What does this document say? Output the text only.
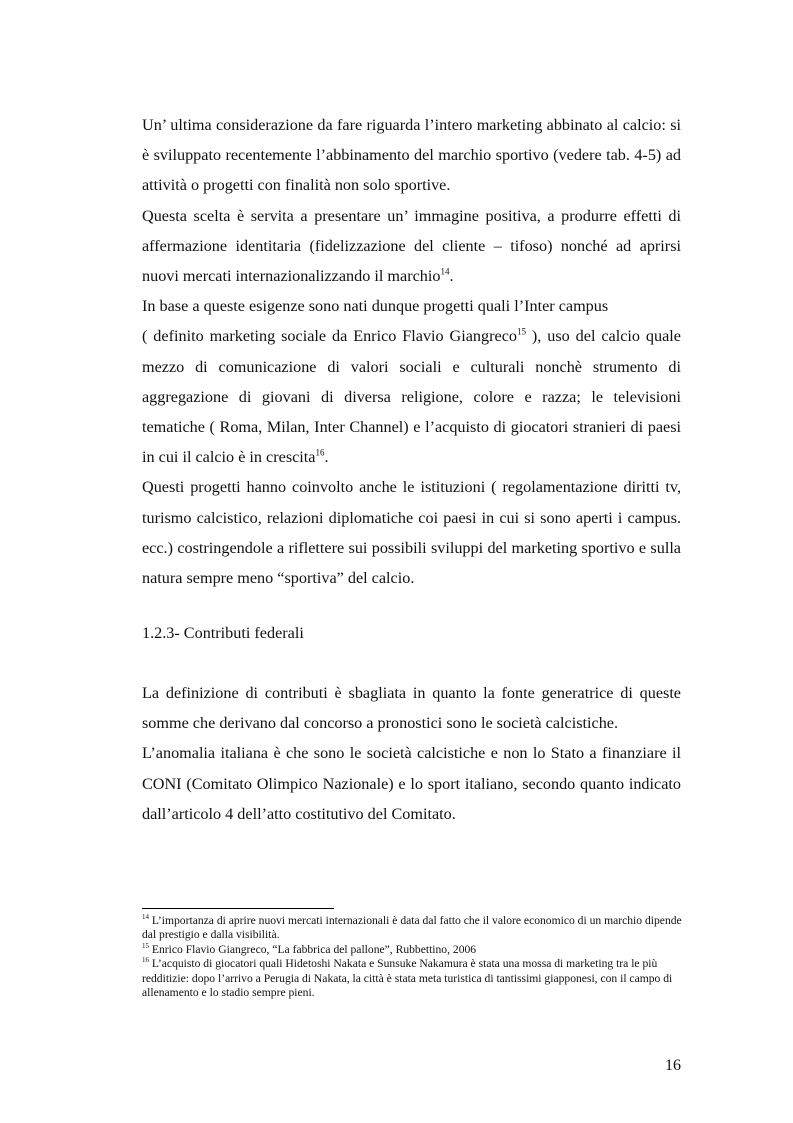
Un’ ultima considerazione da fare riguarda l’intero marketing abbinato al calcio: si è sviluppato recentemente l’abbinamento del marchio sportivo (vedere tab. 4-5) ad attività o progetti con finalità non solo sportive.

Questa scelta è servita a presentare un’ immagine positiva, a produrre effetti di affermazione identitaria (fidelizzazione del cliente – tifoso) nonché ad aprirsi nuovi mercati internazionalizzando il marchio$^{14}$.

In base a queste esigenze sono nati dunque progetti quali l’Inter campus

( definito marketing sociale da Enrico Flavio Giangreco$^{15}$ ), uso del calcio quale mezzo di comunicazione di valori sociali e culturali nonchè strumento di aggregazione di giovani di diversa religione, colore e razza; le televisioni tematiche ( Roma, Milan, Inter Channel) e l’acquisto di giocatori stranieri di paesi in cui il calcio è in crescita$^{16}$.

Questi progetti hanno coinvolto anche le istituzioni ( regolamentazione diritti tv, turismo calcistico, relazioni diplomatiche coi paesi in cui si sono aperti i campus. ecc.) costringendole a riflettere sui possibili sviluppi del marketing sportivo e sulla natura sempre meno “sportiva” del calcio.

1.2.3- Contributi federali

La definizione di contributi è sbagliata in quanto la fonte generatrice di queste somme che derivano dal concorso a pronostici sono le società calcistiche.

L’anomalia italiana è che sono le società calcistiche e non lo Stato a finanziare il CONI (Comitato Olimpico Nazionale) e lo sport italiano, secondo quanto indicato dall’articolo 4 dell’atto costitutivo del Comitato.

$^{14}$ L’importanza di aprire nuovi mercati internazionali è data dal fatto che il valore economico di un marchio dipende dal prestigio e dalla visibilità.

$^{15}$ Enrico Flavio Giangreco, “La fabbrica del pallone”, Rubbettino, 2006

$^{16}$ L’acquisto di giocatori quali Hidetoshi Nakata e Sunsuke Nakamura è stata una mossa di marketing tra le più redditizie: dopo l’arrivo a Perugia di Nakata, la città è stata meta turistica di tantissimi giapponesi, con il campo di allenamento e lo stadio sempre pieni.

16
